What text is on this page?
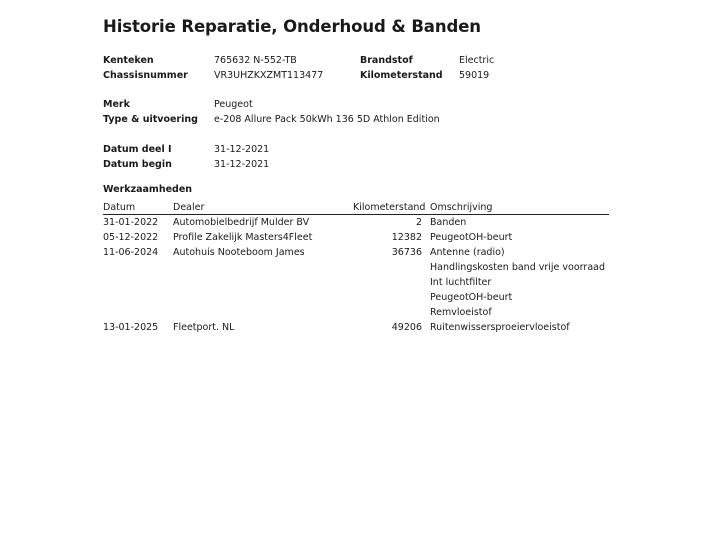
Historie Reparatie, Onderhoud & Banden
Kenteken	765632 N-552-TB	Brandstof	Electric
Chassisnummer	VR3UHZKXZMT113477	Kilometerstand 59019
Merk	Peugeot
Type & uitvoering e-208 Allure Pack 50kWh 136 5D Athlon Edition
Datum deel I	31-12-2021
Datum begin	31-12-2021
Werkzaamheden
Datum	Dealer	Kilometerstand Omschrijving
31-01-2022 Automobielbedrijf Mulder BV	2 Banden
05-12-2022 Profile Zakelijk Masters4Fleet	12382 PeugeotOH-beurt
11-06-2024 Autohuis Nooteboom James	36736 Antenne (radio)
Handlingskosten band vrije voorraad
Int luchtfilter
PeugeotOH-beurt
Remvloeistof
13-01-2025 Fleetport. NL	49206 Ruitenwissersproeiervloeistof
